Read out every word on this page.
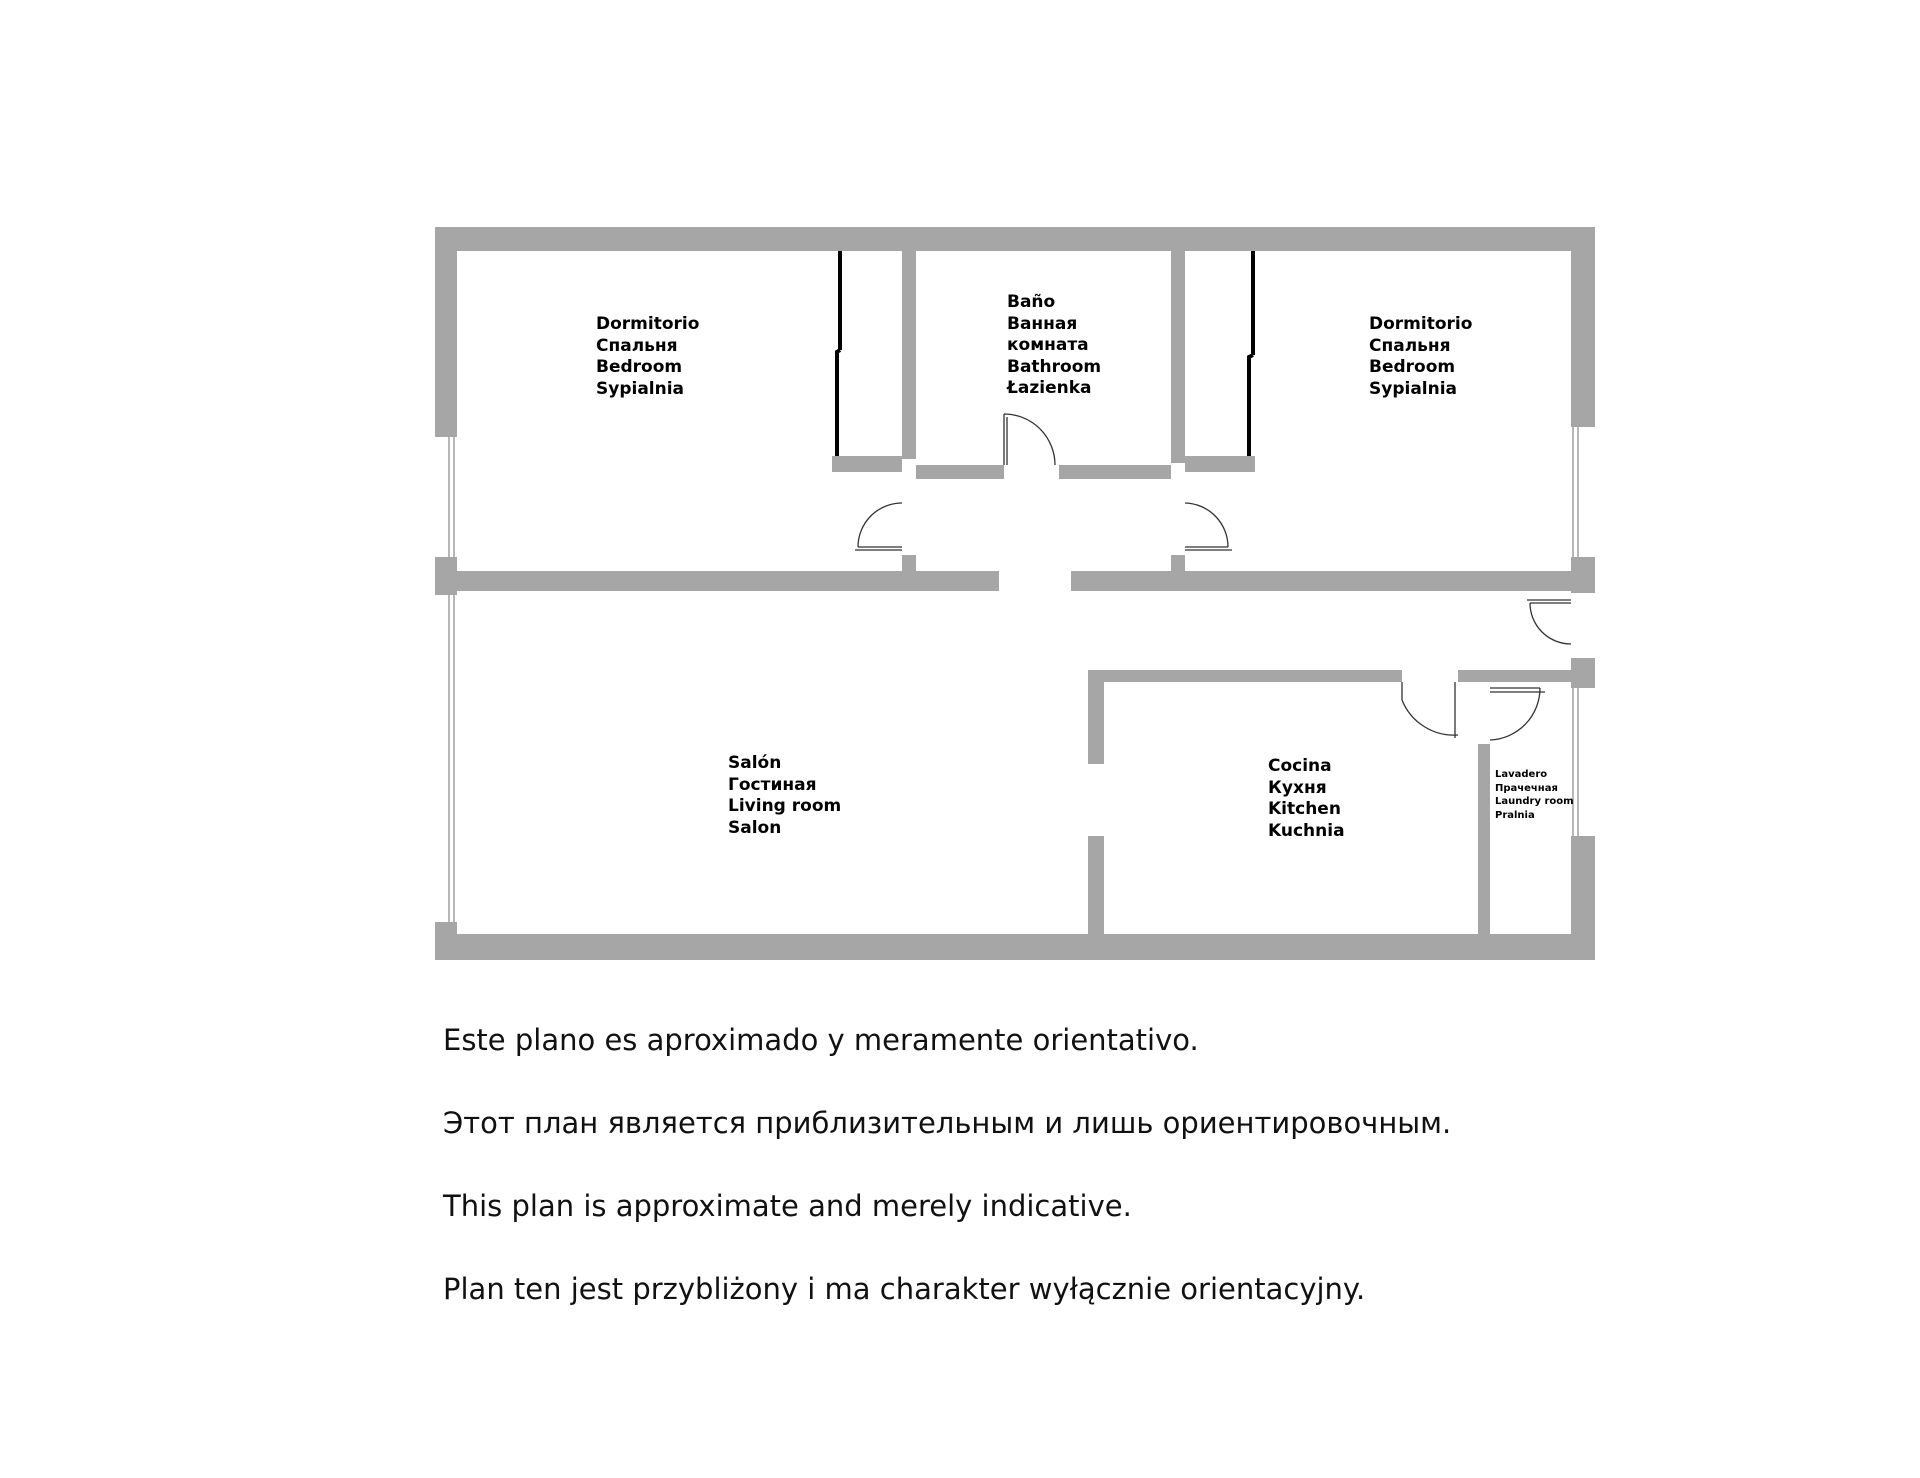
Dormitorio
Спальня
Bedroom
Sypialnia
Baño
Ванная
комната
Bathroom
Łazienka
Dormitorio
Спальня
Bedroom
Sypialnia
Salón
Гостиная
Living room
Salon
Cocina
Кухня
Kitchen
Kuchnia
Lavadero
Прачечная
Laundry room
Pralnia

Este plano es aproximado y meramente orientativo.

Этот план является приблизительным и лишь ориентировочным.

This plan is approximate and merely indicative.

Plan ten jest przybliżony i ma charakter wyłącznie orientacyjny.
